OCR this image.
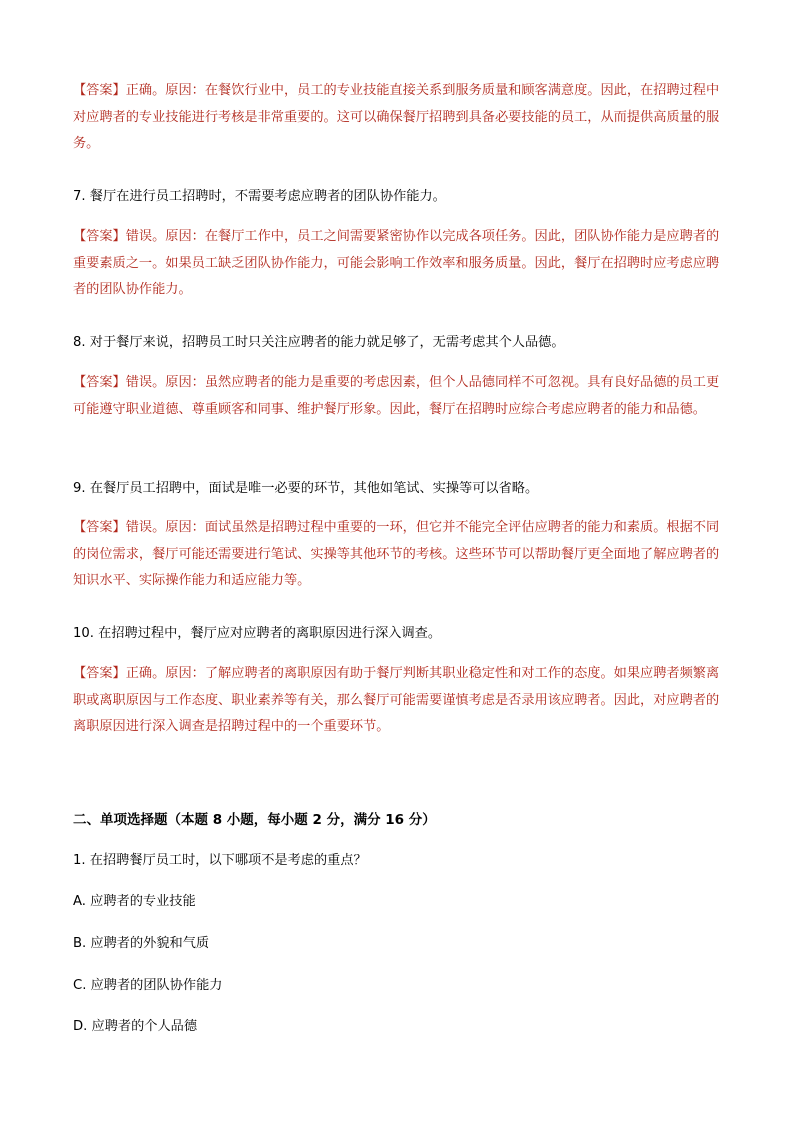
【答案】正确。原因：在餐饮行业中，员工的专业技能直接关系到服务质量和顾客满意度。因此，在招聘过程中对应聘者的专业技能进行考核是非常重要的。这可以确保餐厅招聘到具备必要技能的员工，从而提供高质量的服务。

7. 餐厅在进行员工招聘时，不需要考虑应聘者的团队协作能力。

【答案】错误。原因：在餐厅工作中，员工之间需要紧密协作以完成各项任务。因此，团队协作能力是应聘者的重要素质之一。如果员工缺乏团队协作能力，可能会影响工作效率和服务质量。因此，餐厅在招聘时应考虑应聘者的团队协作能力。

8. 对于餐厅来说，招聘员工时只关注应聘者的能力就足够了，无需考虑其个人品德。

【答案】错误。原因：虽然应聘者的能力是重要的考虑因素，但个人品德同样不可忽视。具有良好品德的员工更可能遵守职业道德、尊重顾客和同事、维护餐厅形象。因此，餐厅在招聘时应综合考虑应聘者的能力和品德。

9. 在餐厅员工招聘中，面试是唯一必要的环节，其他如笔试、实操等可以省略。

【答案】错误。原因：面试虽然是招聘过程中重要的一环，但它并不能完全评估应聘者的能力和素质。根据不同的岗位需求，餐厅可能还需要进行笔试、实操等其他环节的考核。这些环节可以帮助餐厅更全面地了解应聘者的知识水平、实际操作能力和适应能力等。

10. 在招聘过程中，餐厅应对应聘者的离职原因进行深入调查。

【答案】正确。原因：了解应聘者的离职原因有助于餐厅判断其职业稳定性和对工作的态度。如果应聘者频繁离职或离职原因与工作态度、职业素养等有关，那么餐厅可能需要谨慎考虑是否录用该应聘者。因此，对应聘者的离职原因进行深入调查是招聘过程中的一个重要环节。

二、单项选择题（本题 8 小题，每小题 2 分，满分 16 分）

1. 在招聘餐厅员工时，以下哪项不是考虑的重点？

A. 应聘者的专业技能

B. 应聘者的外貌和气质

C. 应聘者的团队协作能力

D. 应聘者的个人品德
